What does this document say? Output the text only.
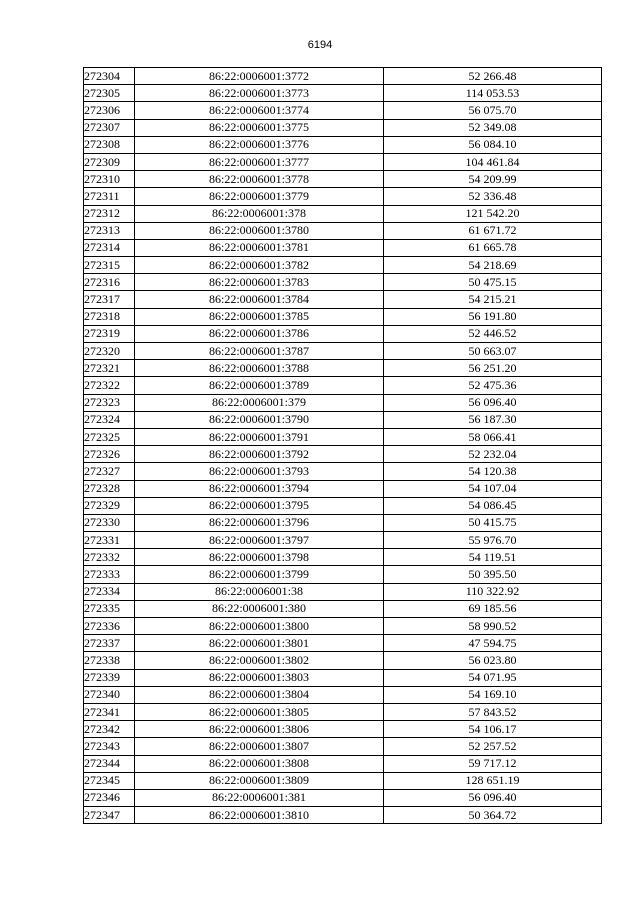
6194
272304	86:22:0006001:3772	52 266.48
272305	86:22:0006001:3773	114 053.53
272306	86:22:0006001:3774	56 075.70
272307	86:22:0006001:3775	52 349.08
272308	86:22:0006001:3776	56 084.10
272309	86:22:0006001:3777	104 461.84
272310	86:22:0006001:3778	54 209.99
272311	86:22:0006001:3779	52 336.48
272312	86:22:0006001:378	121 542.20
272313	86:22:0006001:3780	61 671.72
272314	86:22:0006001:3781	61 665.78
272315	86:22:0006001:3782	54 218.69
272316	86:22:0006001:3783	50 475.15
272317	86:22:0006001:3784	54 215.21
272318	86:22:0006001:3785	56 191.80
272319	86:22:0006001:3786	52 446.52
272320	86:22:0006001:3787	50 663.07
272321	86:22:0006001:3788	56 251.20
272322	86:22:0006001:3789	52 475.36
272323	86:22:0006001:379	56 096.40
272324	86:22:0006001:3790	56 187.30
272325	86:22:0006001:3791	58 066.41
272326	86:22:0006001:3792	52 232.04
272327	86:22:0006001:3793	54 120.38
272328	86:22:0006001:3794	54 107.04
272329	86:22:0006001:3795	54 086.45
272330	86:22:0006001:3796	50 415.75
272331	86:22:0006001:3797	55 976.70
272332	86:22:0006001:3798	54 119.51
272333	86:22:0006001:3799	50 395.50
272334	86:22:0006001:38	110 322.92
272335	86:22:0006001:380	69 185.56
272336	86:22:0006001:3800	58 990.52
272337	86:22:0006001:3801	47 594.75
272338	86:22:0006001:3802	56 023.80
272339	86:22:0006001:3803	54 071.95
272340	86:22:0006001:3804	54 169.10
272341	86:22:0006001:3805	57 843.52
272342	86:22:0006001:3806	54 106.17
272343	86:22:0006001:3807	52 257.52
272344	86:22:0006001:3808	59 717.12
272345	86:22:0006001:3809	128 651.19
272346	86:22:0006001:381	56 096.40
272347	86:22:0006001:3810	50 364.72
